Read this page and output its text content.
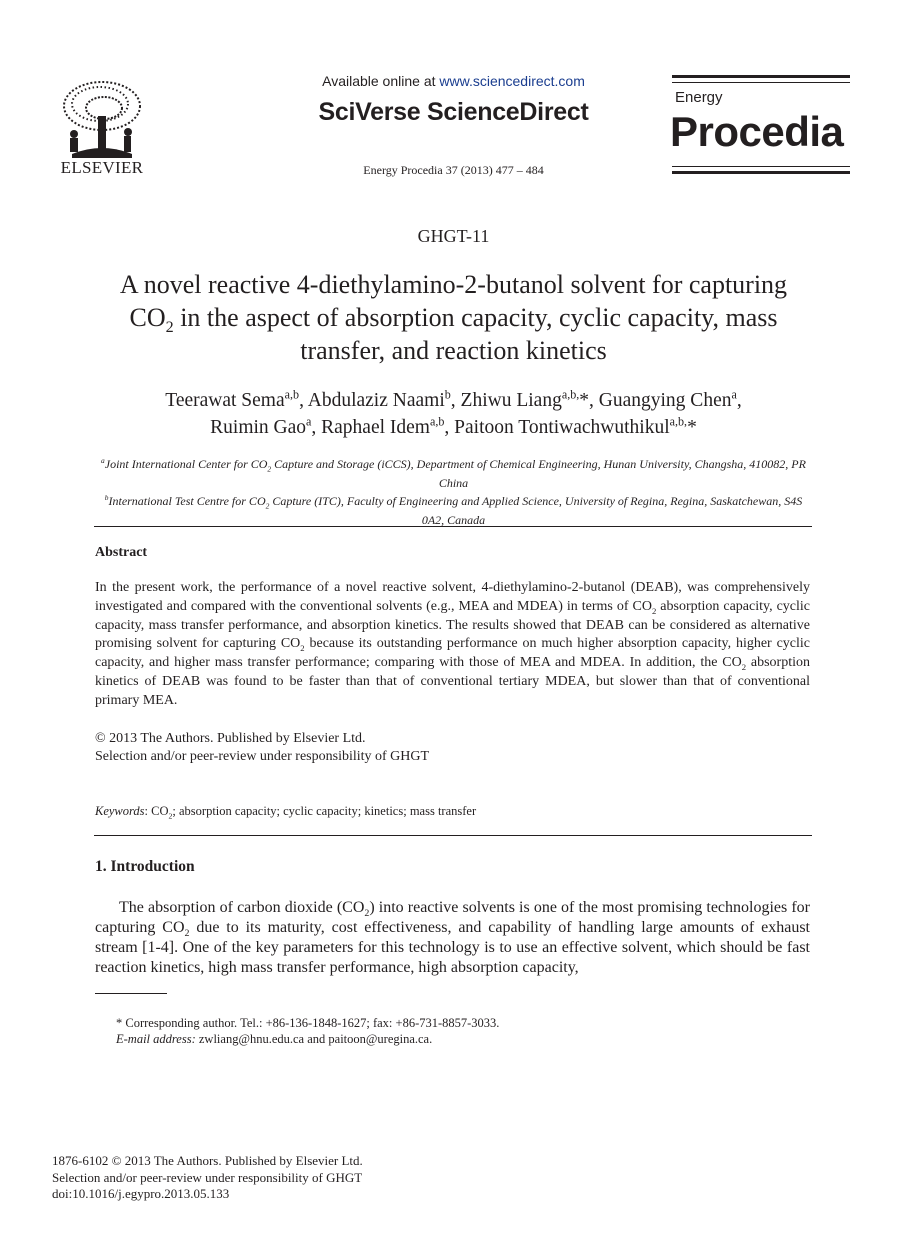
ELSEVIER
Available online at www.sciencedirect.com
SciVerse ScienceDirect
Energy Procedia 37 (2013) 477 – 484
Energy
Procedia
GHGT-11
A novel reactive 4-diethylamino-2-butanol solvent for capturing $CO_2$ in the aspect of absorption capacity, cyclic capacity, mass transfer, and reaction kinetics
Teerawat Sema$^{a,b}$, Abdulaziz Naami$^b$, Zhiwu Liang$^{a,b,}$*, Guangying Chen$^a$,
Ruimin Gao$^a$, Raphael Idem$^{a,b}$, Paitoon Tontiwachwuthikul$^{a,b,}$*
$^a$Joint International Center for $CO_2$ Capture and Storage (iCCS), Department of Chemical Engineering, Hunan University, Changsha, 410082, PR China
$^b$International Test Centre for $CO_2$ Capture (ITC), Faculty of Engineering and Applied Science, University of Regina, Regina, Saskatchewan, S4S 0A2, Canada
Abstract
In the present work, the performance of a novel reactive solvent, 4-diethylamino-2-butanol (DEAB), was comprehensively investigated and compared with the conventional solvents (e.g., MEA and MDEA) in terms of $CO_2$ absorption capacity, cyclic capacity, mass transfer performance, and absorption kinetics. The results showed that DEAB can be considered as alternative promising solvent for capturing $CO_2$ because its outstanding performance on much higher absorption capacity, higher cyclic capacity, and higher mass transfer performance; comparing with those of MEA and MDEA. In addition, the $CO_2$ absorption kinetics of DEAB was found to be faster than that of conventional tertiary MDEA, but slower than that of conventional primary MEA.
© 2013 The Authors. Published by Elsevier Ltd.
Selection and/or peer-review under responsibility of GHGT
Keywords: $CO_2$; absorption capacity; cyclic capacity; kinetics; mass transfer
1. Introduction
The absorption of carbon dioxide $(CO_2)$ into reactive solvents is one of the most promising technologies for capturing $CO_2$ due to its maturity, cost effectiveness, and capability of handling large amounts of exhaust stream [1-4]. One of the key parameters for this technology is to use an effective solvent, which should be fast reaction kinetics, high mass transfer performance, high absorption capacity,
* Corresponding author. Tel.: +86-136-1848-1627; fax: +86-731-8857-3033.
E-mail address: zwliang@hnu.edu.ca and paitoon@uregina.ca.
1876-6102 © 2013 The Authors. Published by Elsevier Ltd.
Selection and/or peer-review under responsibility of GHGT
doi:10.1016/j.egypro.2013.05.133
